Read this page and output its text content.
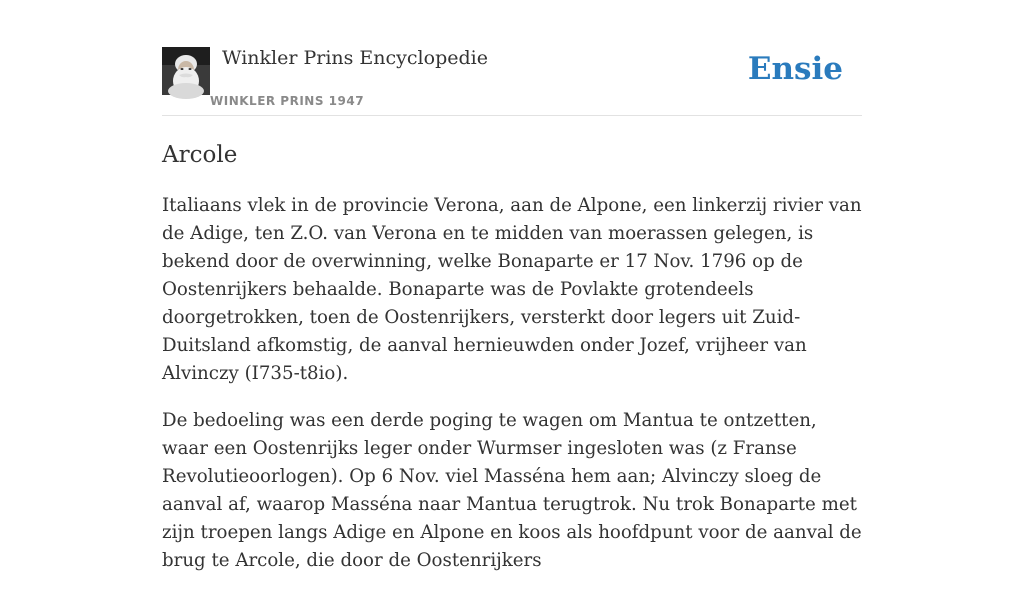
Winkler Prins Encyclopedie
WINKLER PRINS 1947
Ensie
Arcole

Italiaans vlek in de provincie Verona, aan de Alpone, een linkerzij rivier van de Adige, ten Z.O. van Verona en te midden van moerassen gelegen, is bekend door de overwinning, welke Bonaparte er 17 Nov. 1796 op de Oostenrijkers behaalde. Bonaparte was de Povlakte grotendeels doorgetrokken, toen de Oostenrijkers, versterkt door legers uit Zuid-Duitsland afkomstig, de aanval hernieuwden onder Jozef, vrijheer van Alvinczy (I735-t8io).

De bedoeling was een derde poging te wagen om Mantua te ontzetten, waar een Oostenrijks leger onder Wurmser ingesloten was (z Franse Revolutieoorlogen). Op 6 Nov. viel Masséna hem aan; Alvinczy sloeg de aanval af, waarop Masséna naar Mantua terugtrok. Nu trok Bonaparte met zijn troepen langs Adige en Alpone en koos als hoofdpunt voor de aanval de brug te Arcole, die door de Oostenrijkers
